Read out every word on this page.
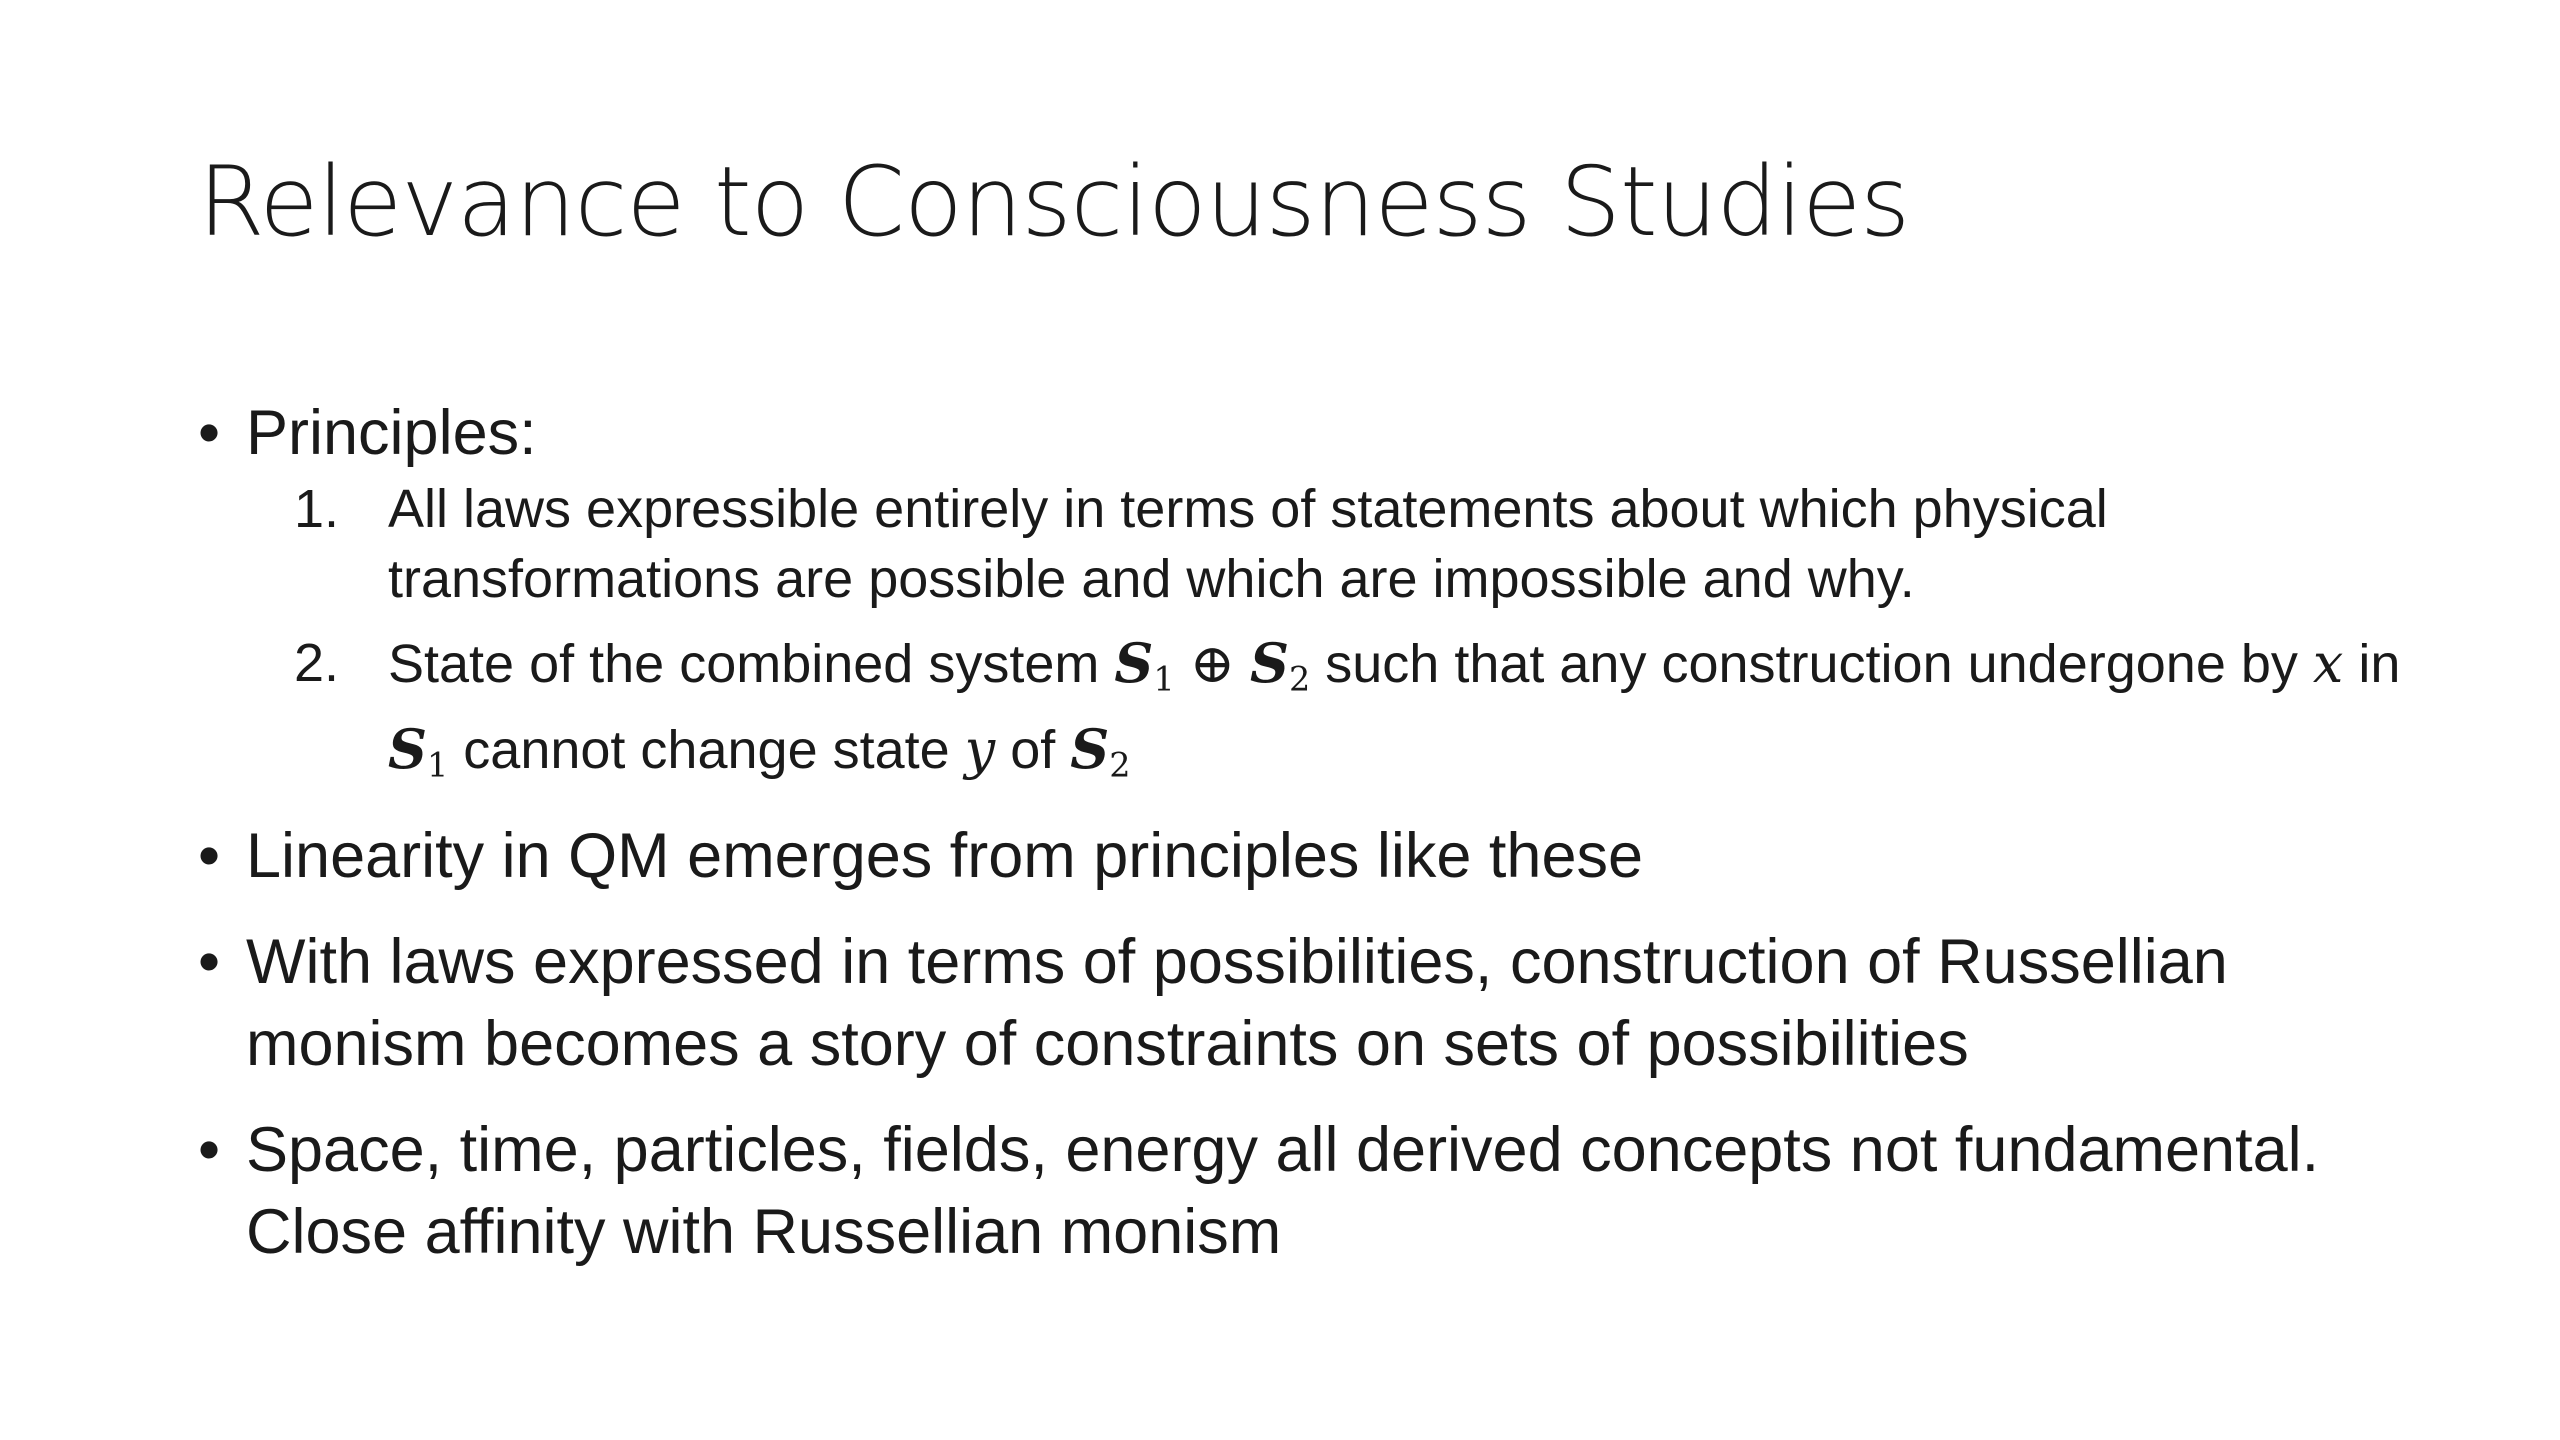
Relevance to Consciousness Studies
• Principles:
1. All laws expressible entirely in terms of statements about which physical transformations are possible and which are impossible and why.
2. State of the combined system $S_1$ ⊕ $S_2$ such that any construction undergone by x in $S_1$ cannot change state y of $S_2$
• Linearity in QM emerges from principles like these
• With laws expressed in terms of possibilities, construction of Russellian monism becomes a story of constraints on sets of possibilities
• Space, time, particles, fields, energy all derived concepts not fundamental. Close affinity with Russellian monism
